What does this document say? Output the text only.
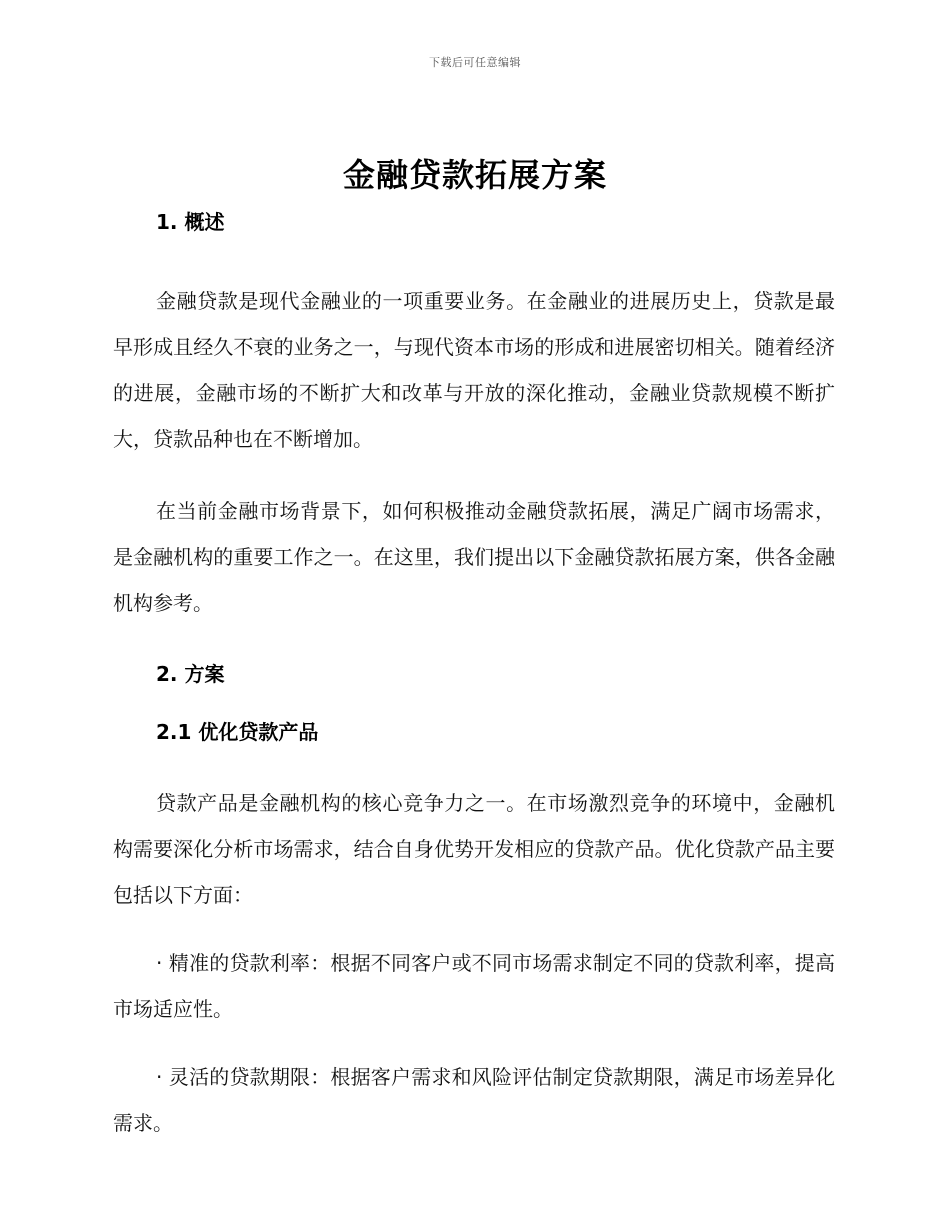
下载后可任意编辑
金融贷款拓展方案
1. 概述

金融贷款是现代金融业的一项重要业务。在金融业的进展历史上，贷款是最早形成且经久不衰的业务之一，与现代资本市场的形成和进展密切相关。随着经济的进展，金融市场的不断扩大和改革与开放的深化推动，金融业贷款规模不断扩大，贷款品种也在不断增加。

在当前金融市场背景下，如何积极推动金融贷款拓展，满足广阔市场需求，是金融机构的重要工作之一。在这里，我们提出以下金融贷款拓展方案，供各金融机构参考。

2. 方案
2.1 优化贷款产品

贷款产品是金融机构的核心竞争力之一。在市场激烈竞争的环境中，金融机构需要深化分析市场需求，结合自身优势开发相应的贷款产品。优化贷款产品主要包括以下方面：

· 精准的贷款利率：根据不同客户或不同市场需求制定不同的贷款利率，提高市场适应性。

· 灵活的贷款期限：根据客户需求和风险评估制定贷款期限，满足市场差异化需求。
